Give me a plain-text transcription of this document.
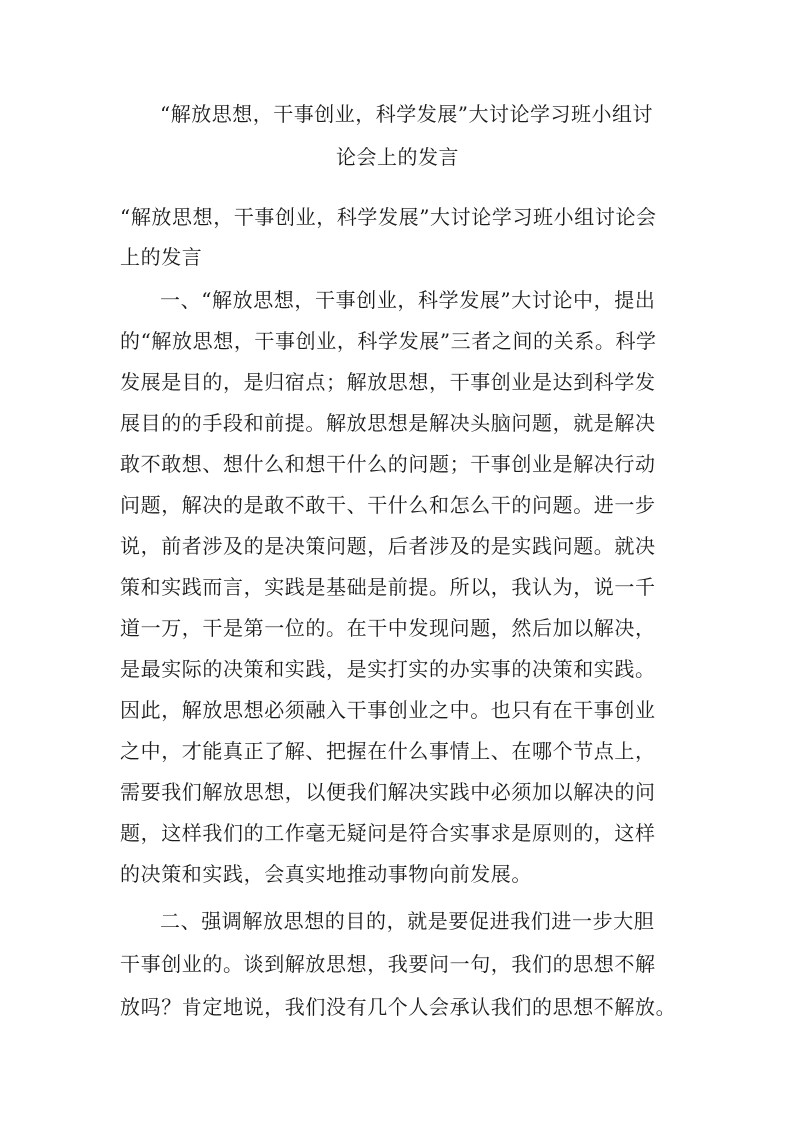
“解放思想，干事创业，科学发展”大讨论学习班小组讨
论会上的发言
“解放思想，干事创业，科学发展”大讨论学习班小组讨论会
上的发言
一、“解放思想，干事创业，科学发展”大讨论中，提出
的“解放思想，干事创业，科学发展”三者之间的关系。科学
发展是目的，是归宿点；解放思想，干事创业是达到科学发
展目的的手段和前提。解放思想是解决头脑问题，就是解决
敢不敢想、想什么和想干什么的问题；干事创业是解决行动
问题，解决的是敢不敢干、干什么和怎么干的问题。进一步
说，前者涉及的是决策问题，后者涉及的是实践问题。就决
策和实践而言，实践是基础是前提。所以，我认为，说一千
道一万，干是第一位的。在干中发现问题，然后加以解决，
是最实际的决策和实践，是实打实的办实事的决策和实践。
因此，解放思想必须融入干事创业之中。也只有在干事创业
之中，才能真正了解、把握在什么事情上、在哪个节点上，
需要我们解放思想，以便我们解决实践中必须加以解决的问
题，这样我们的工作毫无疑问是符合实事求是原则的，这样
的决策和实践，会真实地推动事物向前发展。
二、强调解放思想的目的，就是要促进我们进一步大胆
干事创业的。谈到解放思想，我要问一句，我们的思想不解
放吗？肯定地说，我们没有几个人会承认我们的思想不解放。
